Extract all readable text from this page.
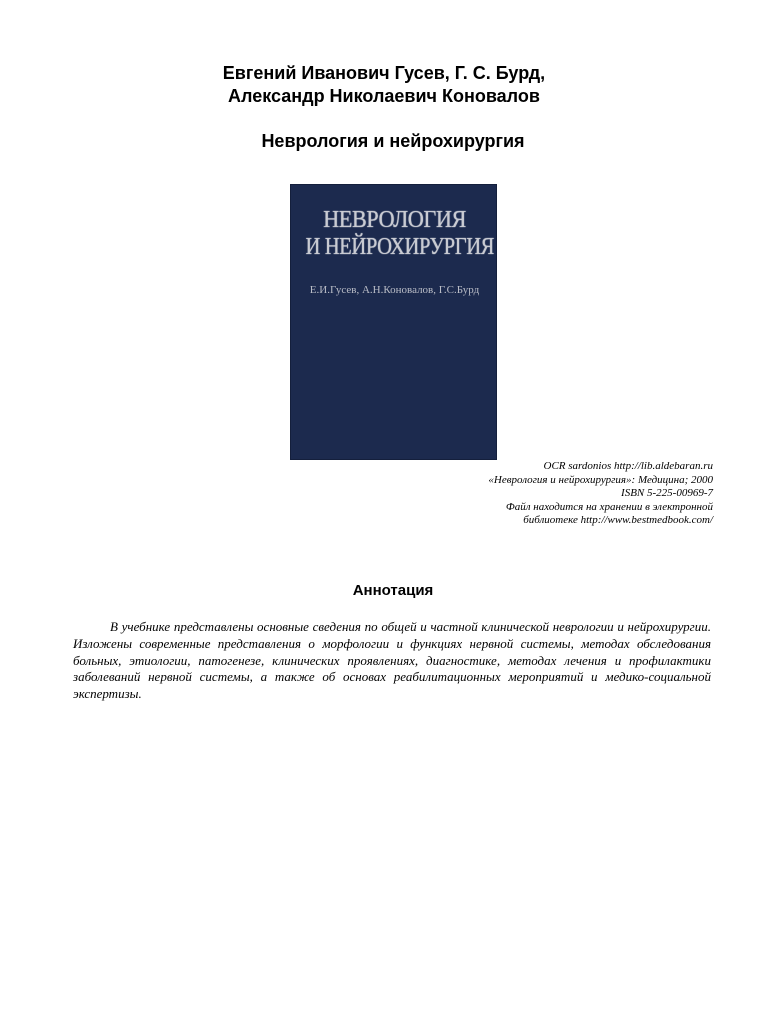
Евгений Иванович Гусев, Г. С. Бурд,
Александр Николаевич Коновалов
Неврология и нейрохирургия
НЕВРОЛОГИЯ
И НЕЙРОХИРУРГИЯ
Е.И.Гусев, А.Н.Коновалов, Г.С.Бурд
OCR sardonios http://lib.aldebaran.ru
«Неврология и нейрохирургия»: Медицина; 2000
ISBN 5-225-00969-7
Файл находится на хранении в электронной
библиотеке http://www.bestmedbook.com/
Аннотация
В учебнике представлены основные сведения по общей и частной клинической неврологии и нейрохирургии. Изложены современные представления о морфологии и функциях нервной системы, методах обследования больных, этиологии, патогенезе, клинических проявлениях, диагностике, методах лечения и профилактики заболеваний нервной системы, а также об основах реабилитационных мероприятий и медико-социальной экспертизы.
